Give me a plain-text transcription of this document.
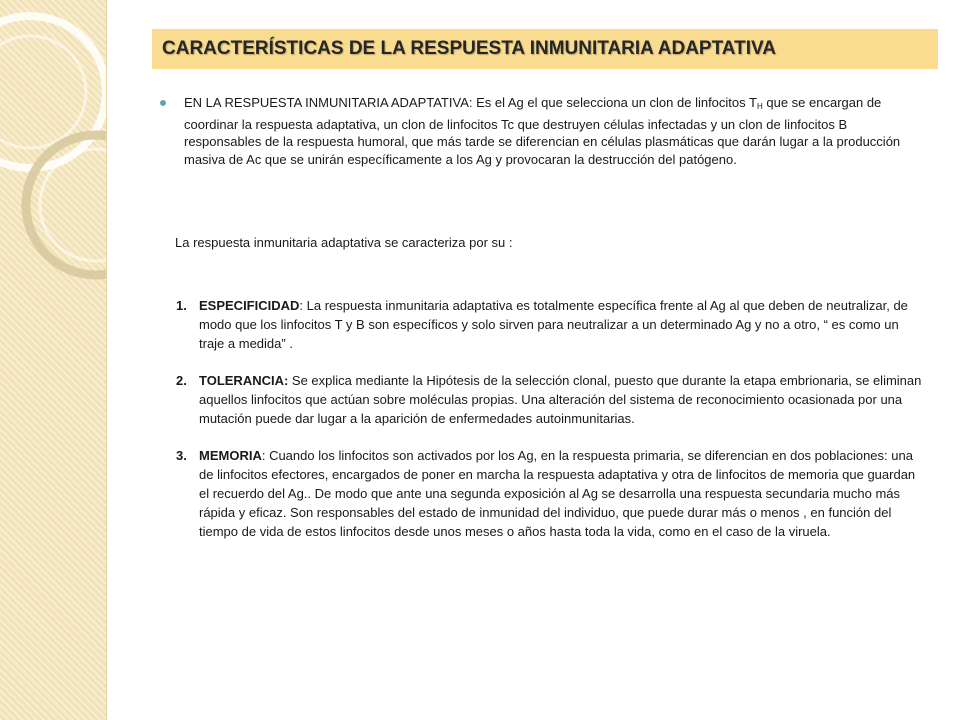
CARACTERÍSTICAS DE LA RESPUESTA INMUNITARIA ADAPTATIVA
EN LA RESPUESTA INMUNITARIA ADAPTATIVA: Es el Ag el que selecciona un clon de linfocitos $T_H$ que se encargan de coordinar la respuesta adaptativa, un clon de linfocitos Tc que destruyen células infectadas y un clon de linfocitos B responsables de la respuesta humoral, que más tarde se diferencian en células plasmáticas que darán lugar a la producción masiva de Ac que se unirán específicamente a los Ag y provocaran la destrucción del patógeno.
La respuesta inmunitaria adaptativa se caracteriza por su :
1. ESPECIFICIDAD: La respuesta inmunitaria adaptativa es totalmente específica frente al Ag al que deben de neutralizar, de modo que los linfocitos T y B son específicos y solo sirven para neutralizar a un determinado Ag y no a otro, “ es como un traje a medida” .
2. TOLERANCIA: Se explica mediante la Hipótesis de la selección clonal, puesto que durante la etapa embrionaria, se eliminan aquellos linfocitos que actúan sobre moléculas propias. Una alteración del sistema de reconocimiento ocasionada por una mutación puede dar lugar a la aparición de enfermedades autoinmunitarias.
3. MEMORIA: Cuando los linfocitos son activados por los Ag, en la respuesta primaria, se diferencian en dos poblaciones: una de linfocitos efectores, encargados de poner en marcha la respuesta adaptativa y otra de linfocitos de memoria que guardan el recuerdo del Ag.. De modo que ante una segunda exposición al Ag se desarrolla una respuesta secundaria mucho más rápida y eficaz. Son responsables del estado de inmunidad del individuo, que puede durar más o menos , en función del tiempo de vida de estos linfocitos desde unos meses o años hasta toda la vida, como en el caso de la viruela.
